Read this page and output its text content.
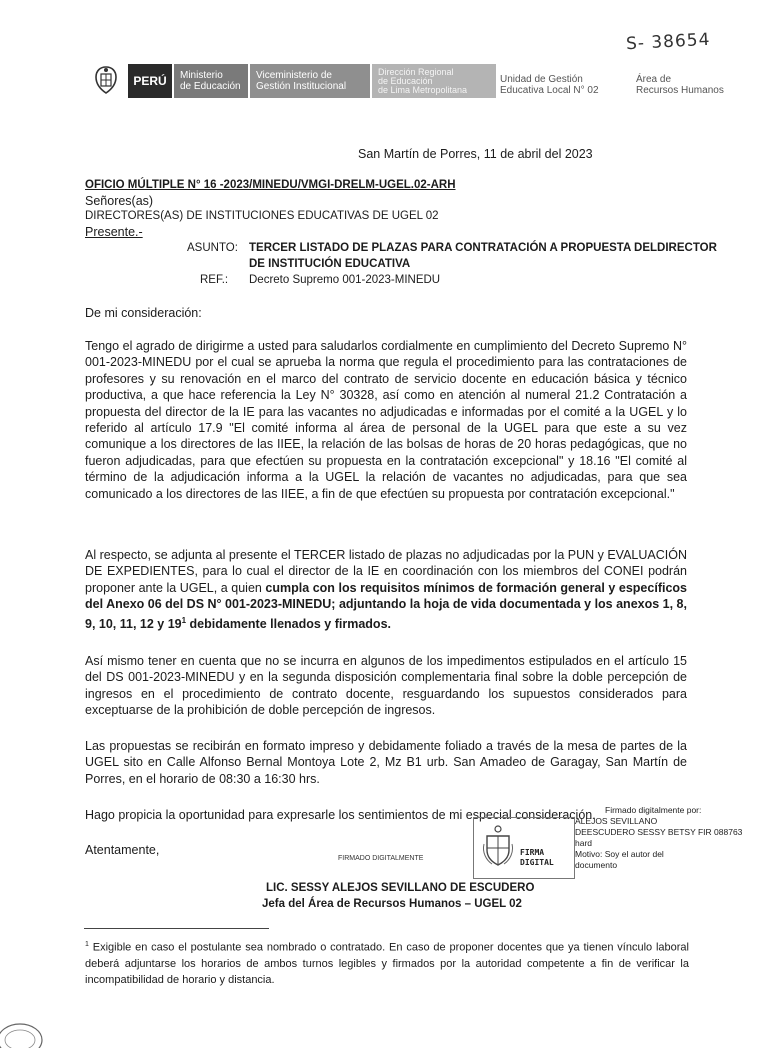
S- 38654
PERÚ	Ministerio
de Educación
Viceministerio de
Gestión Institucional
Dirección Regional
de Educación
de Lima Metropolitana
Unidad de Gestión
Educativa Local N° 02
Área de
Recursos Humanos
San Martín de Porres, 11 de abril del 2023
OFICIO MÚLTIPLE N° 16 -2023/MINEDU/VMGI-DRELM-UGEL.02-ARH
Señores(as)
DIRECTORES(AS) DE INSTITUCIONES EDUCATIVAS DE UGEL 02
Presente.-
ASUNTO: TERCER LISTADO DE PLAZAS PARA CONTRATACIÓN A PROPUESTA DELDIRECTOR
DE INSTITUCIÓN EDUCATIVA
REF.: Decreto Supremo 001-2023-MINEDU
De mi consideración:
Tengo el agrado de dirigirme a usted para saludarlos cordialmente en cumplimiento del Decreto Supremo N° 001-2023-MINEDU por el cual se aprueba la norma que regula el procedimiento para las contrataciones de profesores y su renovación en el marco del contrato de servicio docente en educación básica y técnico productiva, a que hace referencia la Ley N° 30328, así como en atención al numeral 21.2 Contratación a propuesta del director de la IE para las vacantes no adjudicadas e informadas por el comité a la UGEL y lo referido al artículo 17.9 "El comité informa al área de personal de la UGEL para que este a su vez comunique a los directores de las IIEE, la relación de las bolsas de horas de 20 horas pedagógicas, que no fueron adjudicadas, para que efectúen su propuesta en la contratación excepcional" y 18.16 "El comité al término de la adjudicación informa a la UGEL la relación de vacantes no adjudicadas, para que sea comunicado a los directores de las IIEE, a fin de que efectúen su propuesta por contratación excepcional."
Al respecto, se adjunta al presente el TERCER listado de plazas no adjudicadas por la PUN y EVALUACIÓN DE EXPEDIENTES, para lo cual el director de la IE en coordinación con los miembros del CONEI podrán proponer ante la UGEL, a quien cumpla con los requisitos mínimos de formación general y específicos del Anexo 06 del DS N° 001-2023-MINEDU; adjuntando la hoja de vida documentada y los anexos 1, 8, 9, 10, 11, 12 y $19^1$ debidamente llenados y firmados.
Así mismo tener en cuenta que no se incurra en algunos de los impedimentos estipulados en el artículo 15 del DS 001-2023-MINEDU y en la segunda disposición complementaria final sobre la doble percepción de ingresos en el procedimiento de contrato docente, resguardando los supuestos considerados para exceptuarse de la prohibición de doble percepción de ingresos.
Las propuestas se recibirán en formato impreso y debidamente foliado a través de la mesa de partes de la UGEL sito en Calle Alfonso Bernal Montoya Lote 2, Mz B1 urb. San Amadeo de Garagay, San Martín de Porres, en el horario de 08:30 a 16:30 hrs.
Hago propicia la oportunidad para expresarle los sentimientos de mi especial consideración.
Atentamente,
FIRMADO DIGITALMENTE
FIRMA
DIGITAL
Firmado digitalmente por:
ALEJOS SEVILLANO
DEESCUDERO SESSY BETSY FIR 088763
hard
Motivo: Soy el autor del
documento
LIC. SESSY ALEJOS SEVILLANO DE ESCUDERO
Jefa del Área de Recursos Humanos – UGEL 02
$^1$ Exigible en caso el postulante sea nombrado o contratado. En caso de proponer docentes que ya tienen vínculo laboral deberá adjuntarse los horarios de ambos turnos legibles y firmados por la autoridad competente a fin de verificar la incompatibilidad de horario y distancia.
